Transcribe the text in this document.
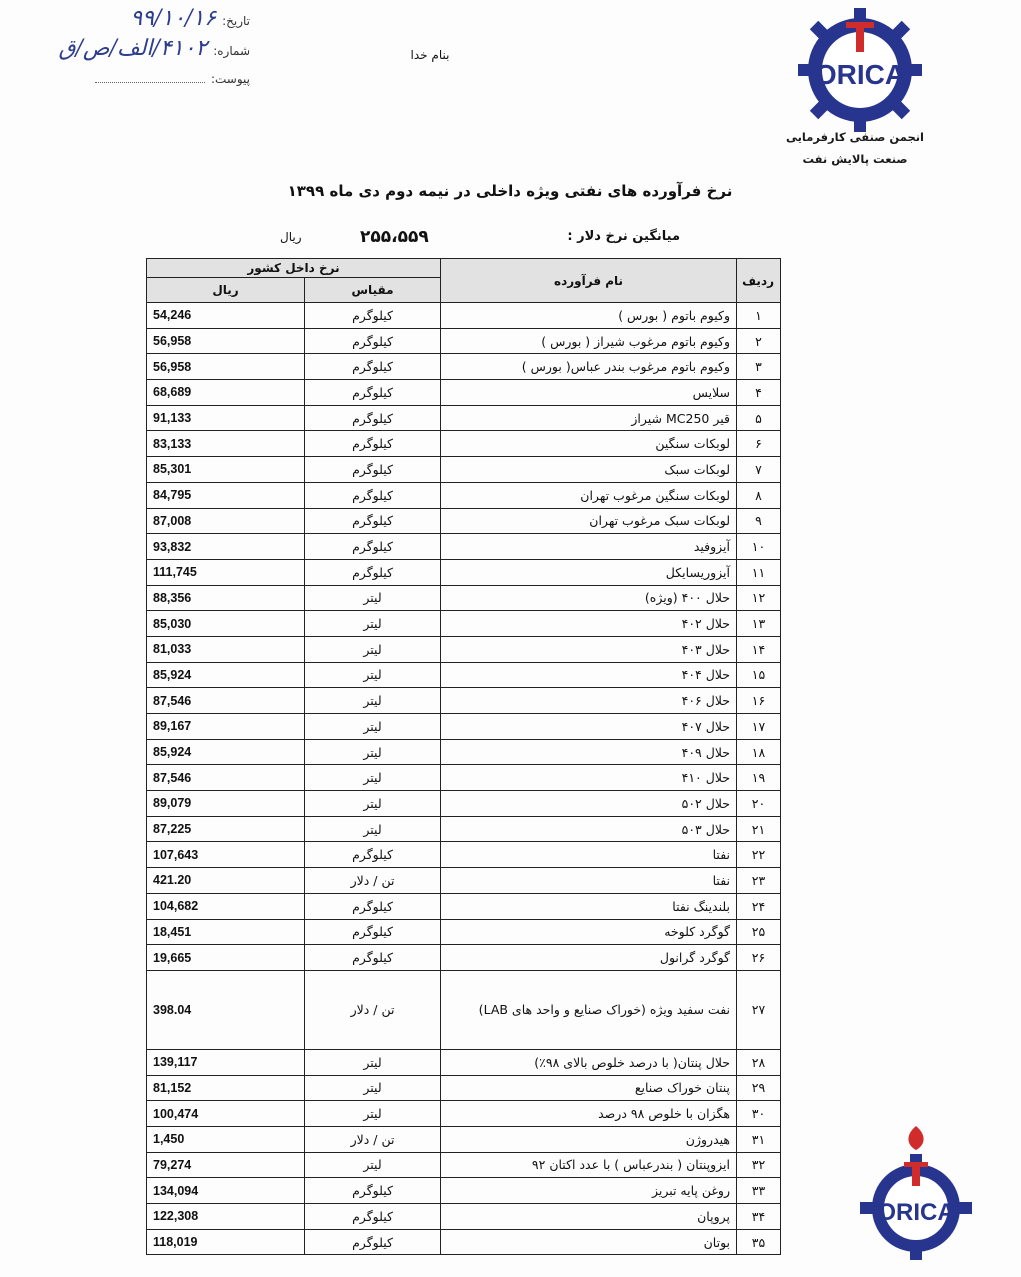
تاریخ:
۹۹/۱۰/۱۶
شماره:
۴۱۰۲/الف/ص/ق
پیوست:
بنام خدا
ORICA
انجمن صنفی کارفرمایی
صنعت پالایش نفت
نرخ فرآورده های نفتی ویژه داخلی در نیمه دوم دی ماه ۱۳۹۹
میانگین نرخ دلار :
۲۵۵،۵۵۹
ریال
ردیف	نام فرآورده	نرخ داخل کشور	
		مقیاس	ریال
۱	وکیوم باتوم ( بورس )	کیلوگرم	54,246
۲	وکیوم باتوم مرغوب شیراز ( بورس )	کیلوگرم	56,958
۳	وکیوم باتوم مرغوب بندر عباس( بورس )	کیلوگرم	56,958
۴	سلایس	کیلوگرم	68,689
۵	قیر MC250 شیراز	کیلوگرم	91,133
۶	لوبکات سنگین	کیلوگرم	83,133
۷	لوبکات سبک	کیلوگرم	85,301
۸	لوبکات سنگین مرغوب تهران	کیلوگرم	84,795
۹	لوبکات سبک مرغوب تهران	کیلوگرم	87,008
۱۰	آیزوفید	کیلوگرم	93,832
۱۱	آیزوریسایکل	کیلوگرم	111,745
۱۲	حلال ۴۰۰ (ویژه)	لیتر	88,356
۱۳	حلال ۴۰۲	لیتر	85,030
۱۴	حلال ۴۰۳	لیتر	81,033
۱۵	حلال ۴۰۴	لیتر	85,924
۱۶	حلال ۴۰۶	لیتر	87,546
۱۷	حلال ۴۰۷	لیتر	89,167
۱۸	حلال ۴۰۹	لیتر	85,924
۱۹	حلال ۴۱۰	لیتر	87,546
۲۰	حلال ۵۰۲	لیتر	89,079
۲۱	حلال ۵۰۳	لیتر	87,225
۲۲	نفتا	کیلوگرم	107,643
۲۳	نفتا	تن / دلار	421.20
۲۴	بلندینگ نفتا	کیلوگرم	104,682
۲۵	گوگرد کلوخه	کیلوگرم	18,451
۲۶	گوگرد گرانول	کیلوگرم	19,665
۲۷	نفت سفید ویژه (خوراک صنایع و واحد های LAB)	تن / دلار	398.04
۲۸	حلال پنتان( با درصد خلوص بالای ۹۸٪)	لیتر	139,117
۲۹	پنتان خوراک صنایع	لیتر	81,152
۳۰	هگزان با خلوص ۹۸ درصد	لیتر	100,474
۳۱	هیدروژن	تن / دلار	1,450
۳۲	ایزوپنتان ( بندرعباس ) با عدد اکتان ۹۲	لیتر	79,274
۳۳	روغن پایه تبریز	کیلوگرم	134,094
۳۴	پروپان	کیلوگرم	122,308
۳۵	بوتان	کیلوگرم	118,019
ORICA
